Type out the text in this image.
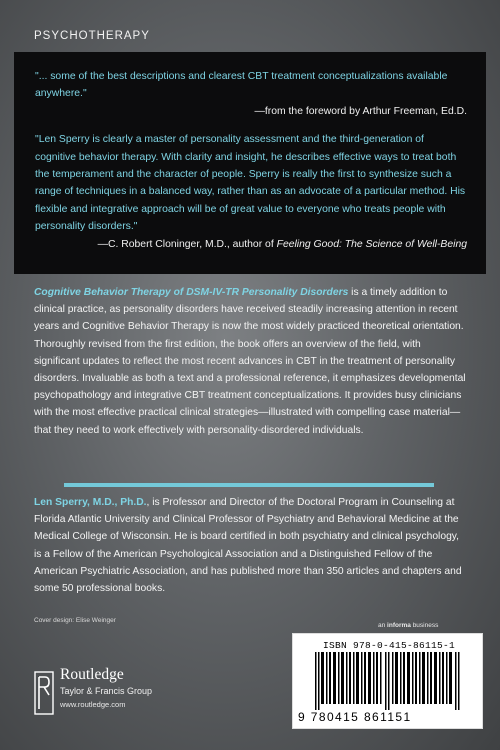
PSYCHOTHERAPY

"... some of the best descriptions and clearest CBT treatment conceptualizations available anywhere."

—from the foreword by Arthur Freeman, Ed.D.

"Len Sperry is clearly a master of personality assessment and the third-generation of cognitive behavior therapy. With clarity and insight, he describes effective ways to treat both the temperament and the character of people. Sperry is really the first to synthesize such a range of techniques in a balanced way, rather than as an advocate of a particular method. His flexible and integrative approach will be of great value to everyone who treats people with personality disorders."

—C. Robert Cloninger, M.D., author of Feeling Good: The Science of Well-Being

Cognitive Behavior Therapy of DSM-IV-TR Personality Disorders is a timely addition to clinical practice, as personality disorders have received steadily increasing attention in recent years and Cognitive Behavior Therapy is now the most widely practiced theoretical orientation. Thoroughly revised from the first edition, the book offers an overview of the field, with significant updates to reflect the most recent advances in CBT in the treatment of personality disorders. Invaluable as both a text and a professional reference, it emphasizes developmental psychopathology and integrative CBT treatment conceptualizations. It provides busy clinicians with the most effective practical clinical strategies—illustrated with compelling case material—that they need to work effectively with personality-disordered individuals.

Len Sperry, M.D., Ph.D., is Professor and Director of the Doctoral Program in Counseling at Florida Atlantic University and Clinical Professor of Psychiatry and Behavioral Medicine at the Medical College of Wisconsin. He is board certified in both psychiatry and clinical psychology, is a Fellow of the American Psychological Association and a Distinguished Fellow of the American Psychiatric Association, and has published more than 350 articles and chapters and some 50 professional books.

Cover design: Elise Weinger
an informa business
Routledge
Taylor & Francis Group
www.routledge.com
ISBN 978-0-415-86115-1
9 780415 861151
